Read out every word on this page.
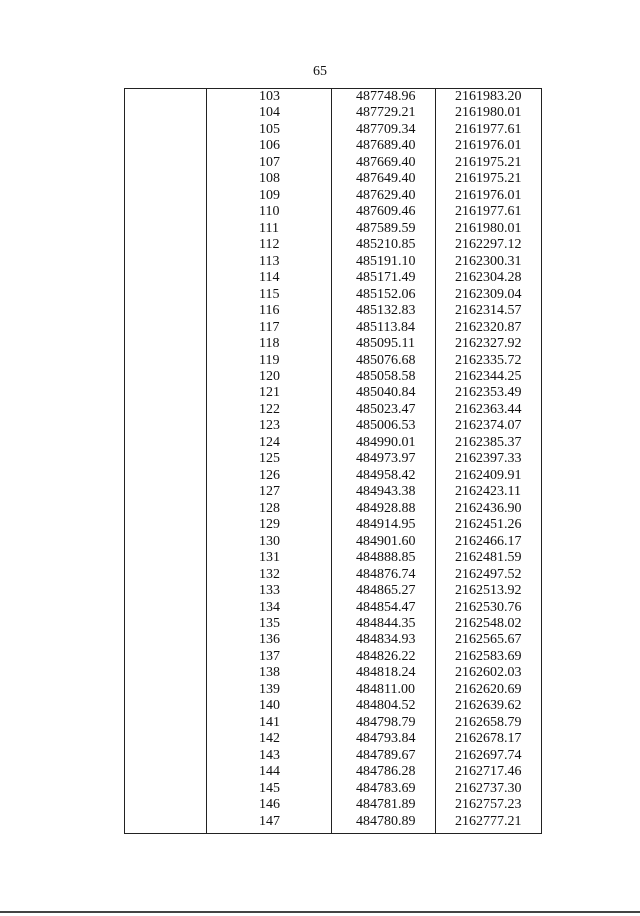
65
103	487748.96	2161983.20
104	487729.21	2161980.01
105	487709.34	2161977.61
106	487689.40	2161976.01
107	487669.40	2161975.21
108	487649.40	2161975.21
109	487629.40	2161976.01
110	487609.46	2161977.61
111	487589.59	2161980.01
112	485210.85	2162297.12
113	485191.10	2162300.31
114	485171.49	2162304.28
115	485152.06	2162309.04
116	485132.83	2162314.57
117	485113.84	2162320.87
118	485095.11	2162327.92
119	485076.68	2162335.72
120	485058.58	2162344.25
121	485040.84	2162353.49
122	485023.47	2162363.44
123	485006.53	2162374.07
124	484990.01	2162385.37
125	484973.97	2162397.33
126	484958.42	2162409.91
127	484943.38	2162423.11
128	484928.88	2162436.90
129	484914.95	2162451.26
130	484901.60	2162466.17
131	484888.85	2162481.59
132	484876.74	2162497.52
133	484865.27	2162513.92
134	484854.47	2162530.76
135	484844.35	2162548.02
136	484834.93	2162565.67
137	484826.22	2162583.69
138	484818.24	2162602.03
139	484811.00	2162620.69
140	484804.52	2162639.62
141	484798.79	2162658.79
142	484793.84	2162678.17
143	484789.67	2162697.74
144	484786.28	2162717.46
145	484783.69	2162737.30
146	484781.89	2162757.23
147	484780.89	2162777.21
